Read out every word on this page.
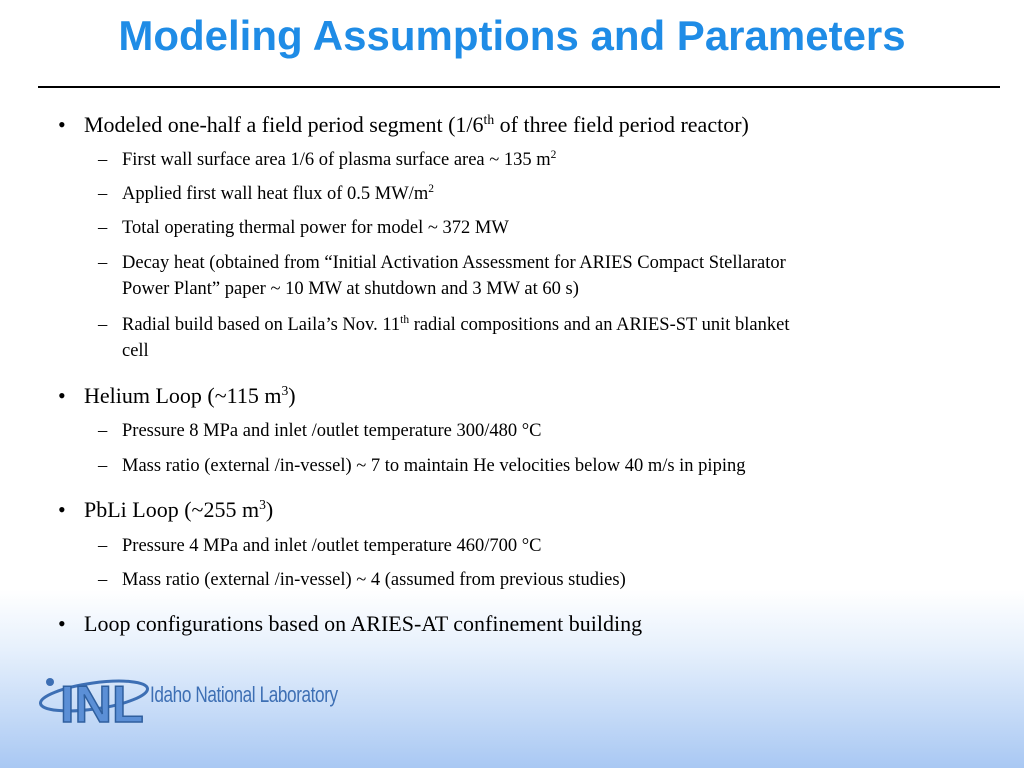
Modeling Assumptions and Parameters
• Modeled one-half a field period segment (1/6th of three field period reactor)
– First wall surface area 1/6 of plasma surface area ~ 135 $m^2$
– Applied first wall heat flux of 0.5 $MW/m^2$
– Total operating thermal power for model ~ 372 MW
– Decay heat (obtained from “Initial Activation Assessment for ARIES Compact Stellarator
Power Plant” paper ~ 10 MW at shutdown and 3 MW at 60 s)
– Radial build based on Laila’s Nov. 11th radial compositions and an ARIES-ST unit blanket
cell
• Helium Loop (~115 $m^3$)
– Pressure 8 MPa and inlet /outlet temperature 300/480 °C
– Mass ratio (external /in-vessel) ~ 7 to maintain He velocities below 40 m/s in piping
• PbLi Loop (~255 $m^3$)
– Pressure 4 MPa and inlet /outlet temperature 460/700 °C
– Mass ratio (external /in-vessel) ~ 4 (assumed from previous studies)
• Loop configurations based on ARIES-AT confinement building
INL Idaho National Laboratory
